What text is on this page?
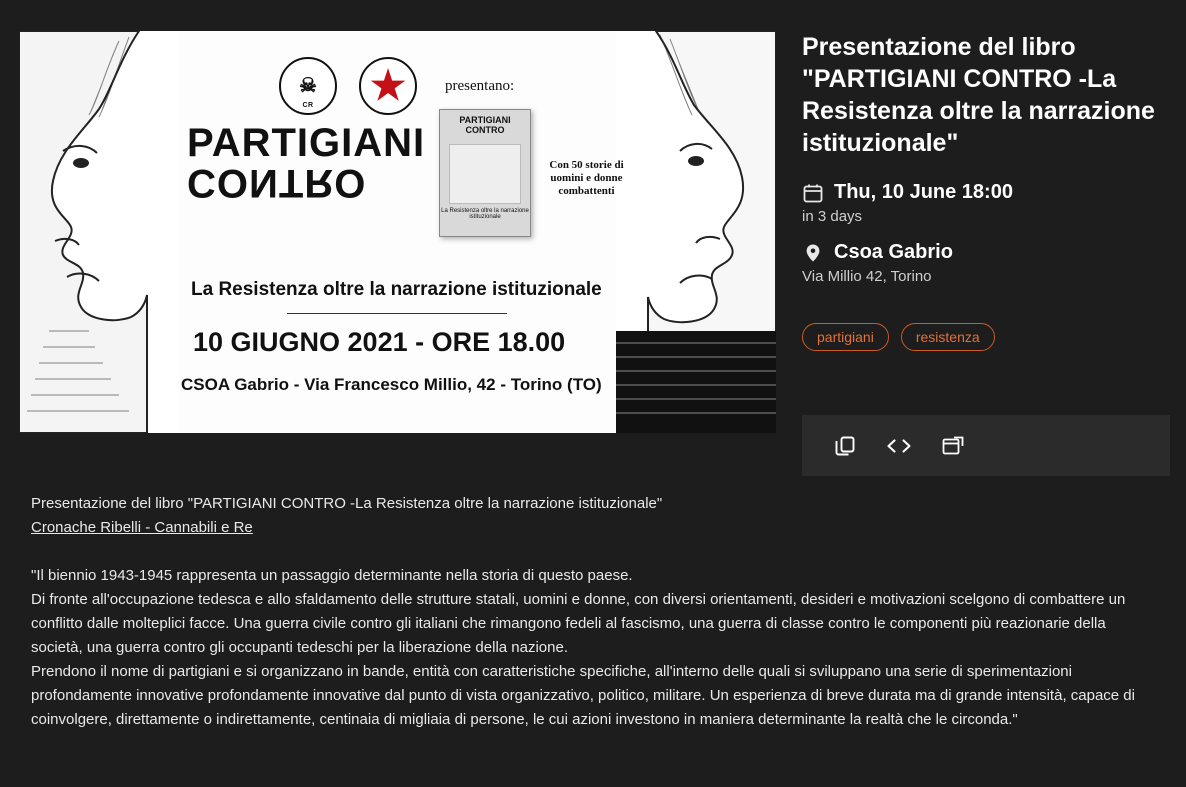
☠
CR	★	presentano:
PARTIGIANI
CONTRO
PARTIGIANI CONTRO
La Resistenza oltre la narrazione istituzionale
Con 50 storie di uomini e donne combattenti
La Resistenza oltre la narrazione istituzionale
10 GIUGNO 2021 - ORE 18.00
CSOA Gabrio - Via Francesco Millio, 42 - Torino (TO)
Presentazione del libro "PARTIGIANI CONTRO -La Resistenza oltre la narrazione istituzionale"
Thu, 10 June 18:00
in 3 days
Csoa Gabrio
Via Millio 42, Torino
partigiani	resistenza

Presentazione del libro "PARTIGIANI CONTRO -La Resistenza oltre la narrazione istituzionale"

Cronache Ribelli - Cannabili e Re

"Il biennio 1943-1945 rappresenta un passaggio determinante nella storia di questo paese.

Di fronte all'occupazione tedesca e allo sfaldamento delle strutture statali, uomini e donne, con diversi orientamenti, desideri e motivazioni scelgono di combattere un conflitto dalle molteplici facce. Una guerra civile contro gli italiani che rimangono fedeli al fascismo, una guerra di classe contro le componenti più reazionarie della società, una guerra contro gli occupanti tedeschi per la liberazione della nazione.

Prendono il nome di partigiani e si organizzano in bande, entità con caratteristiche specifiche, all'interno delle quali si sviluppano una serie di sperimentazioni profondamente innovative profondamente innovative dal punto di vista organizzativo, politico, militare. Un esperienza di breve durata ma di grande intensità, capace di coinvolgere, direttamente o indirettamente, centinaia di migliaia di persone, le cui azioni investono in maniera determinante la realtà che le circonda."
